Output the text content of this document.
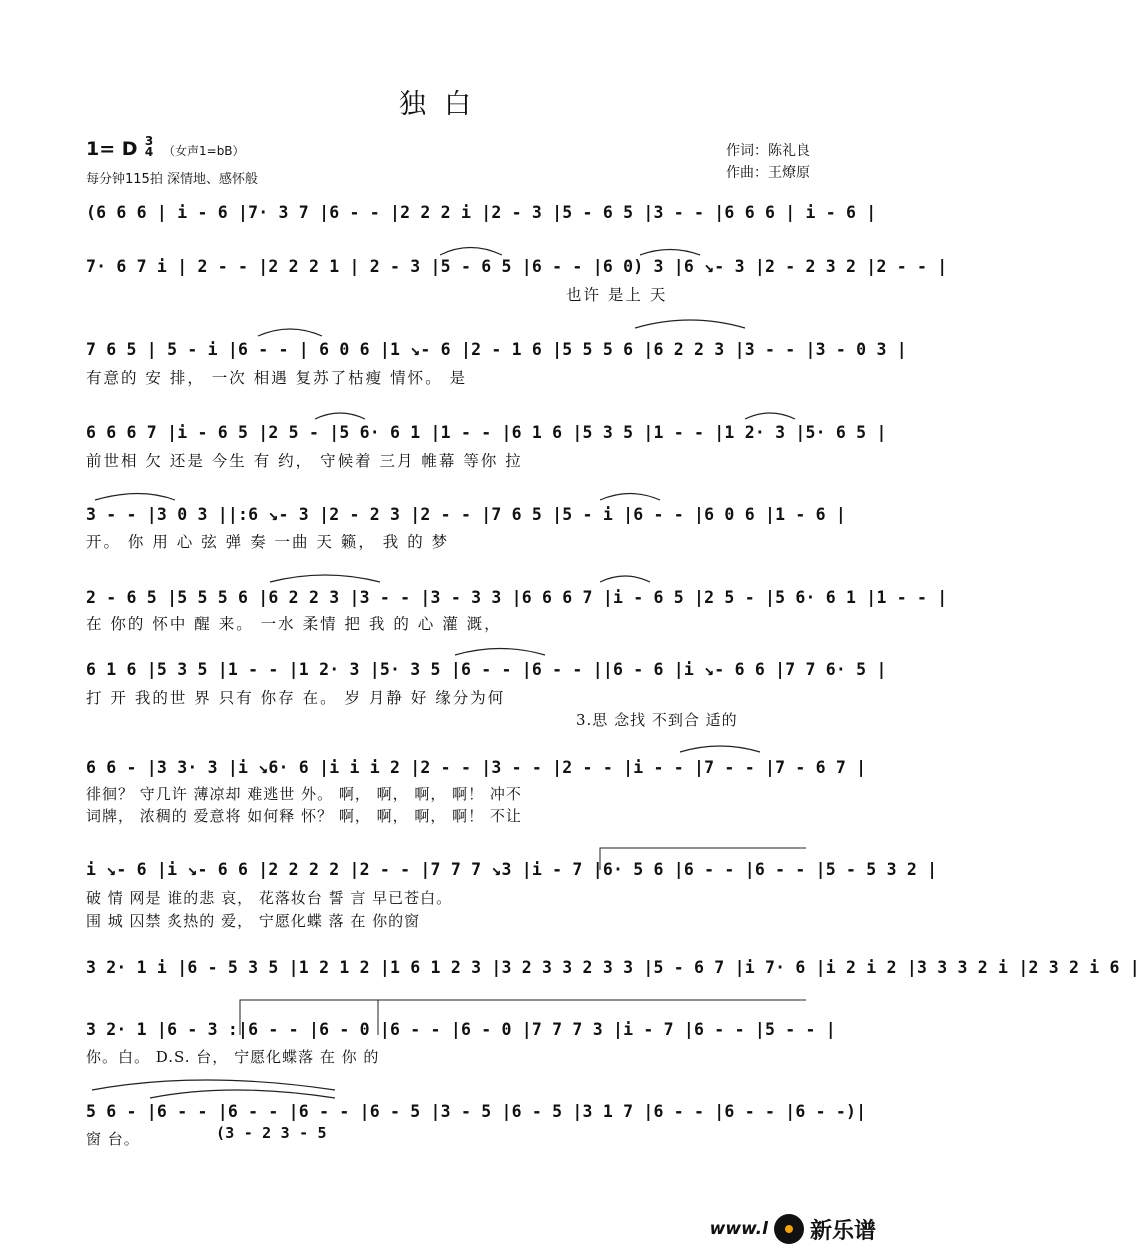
独白
1= D 3
4 （女声1=bB）
每分钟115拍 深情地、感怀般
作词：陈礼良
作曲：王燎原
(6 6 6 | i - 6 |7· 3 7 |6 - - |2 2 2 i |2 - 3 |5 - 6 5 |3 - - |6 6 6 | i - 6 |
7· 6 7 i | 2 - - |2 2 2 1 | 2 - 3 |5 - 6 5 |6 - - |6 0) 3 |6 ↘- 3 |2 - 2 3 2 |2 - - |
也许 是上 天
7 6 5 | 5 - i |6 - - | 6 0 6 |1 ↘- 6 |2 - 1 6 |5 5 5 6 |6 2 2 3 |3 - - |3 - 0 3 |
有意的 安 排， 一次 相遇 复苏了枯瘦 情怀。 是
6 6 6 7 |i - 6 5 |2 5 - |5 6· 6 1 |1 - - |6 1 6 |5 3 5 |1 - - |1 2· 3 |5· 6 5 |
前世相 欠 还是 今生 有 约， 守候着 三月 帷幕 等你 拉
3 - - |3 0 3 ||:6 ↘- 3 |2 - 2 3 |2 - - |7 6 5 |5 - i |6 - - |6 0 6 |1 - 6 |
开。 你 用 心 弦 弹 奏 一曲 天 籁， 我 的 梦
2 - 6 5 |5 5 5 6 |6 2 2 3 |3 - - |3 - 3 3 |6 6 6 7 |i - 6 5 |2 5 - |5 6· 6 1 |1 - - |
在 你的 怀中 醒 来。 一水 柔情 把 我 的 心 灌 溉，
6 1 6 |5 3 5 |1 - - |1 2· 3 |5· 3 5 |6 - - |6 - - ||6 - 6 |i ↘- 6 6 |7 7 6· 5 |
打 开 我的世 界 只有 你存 在。 岁 月静 好 缘分为何
3.思 念找 不到合 适的
6 6 - |3 3· 3 |i ↘6· 6 |i i i 2 |2 - - |3 - - |2 - - |i - - |7 - - |7 - 6 7 |
徘徊？ 守几许 薄凉却 难逃世 外。 啊， 啊， 啊， 啊！ 冲不
词牌， 浓稠的 爱意将 如何释 怀？ 啊， 啊， 啊， 啊！ 不让
i ↘- 6 |i ↘- 6 6 |2 2 2 2 |2 - - |7 7 7 ↘3 |i - 7 |6· 5 6 |6 - - |6 - - |5 - 5 3 2 |
破 情 网是 谁的悲 哀， 花落妆台 誓 言 早已苍白。
围 城 囚禁 炙热的 爱， 宁愿化蝶 落 在 你的窗
3 2· 1 i |6 - 5 3 5 |1 2 1 2 |1 6 1 2 3 |3 2 3 3 2 3 3 |5 - 6 7 |i 7· 6 |i 2 i 2 |3 3 3 2 i |2 3 2 i 6 |
3 2· 1 |6 - 3 :|6 - - |6 - 0 |6 - - |6 - 0 |7 7 7 3 |i - 7 |6 - - |5 - - |
你。白。 D.S. 台， 宁愿化蝶落 在 你 的
5 6 - |6 - - |6 - - |6 - - |6 - 5 |3 - 5 |6 - 5 |3 1 7 |6 - - |6 - - |6 - -)|
窗 台。	(3 - 2 3 - 5
www.l 新乐谱
